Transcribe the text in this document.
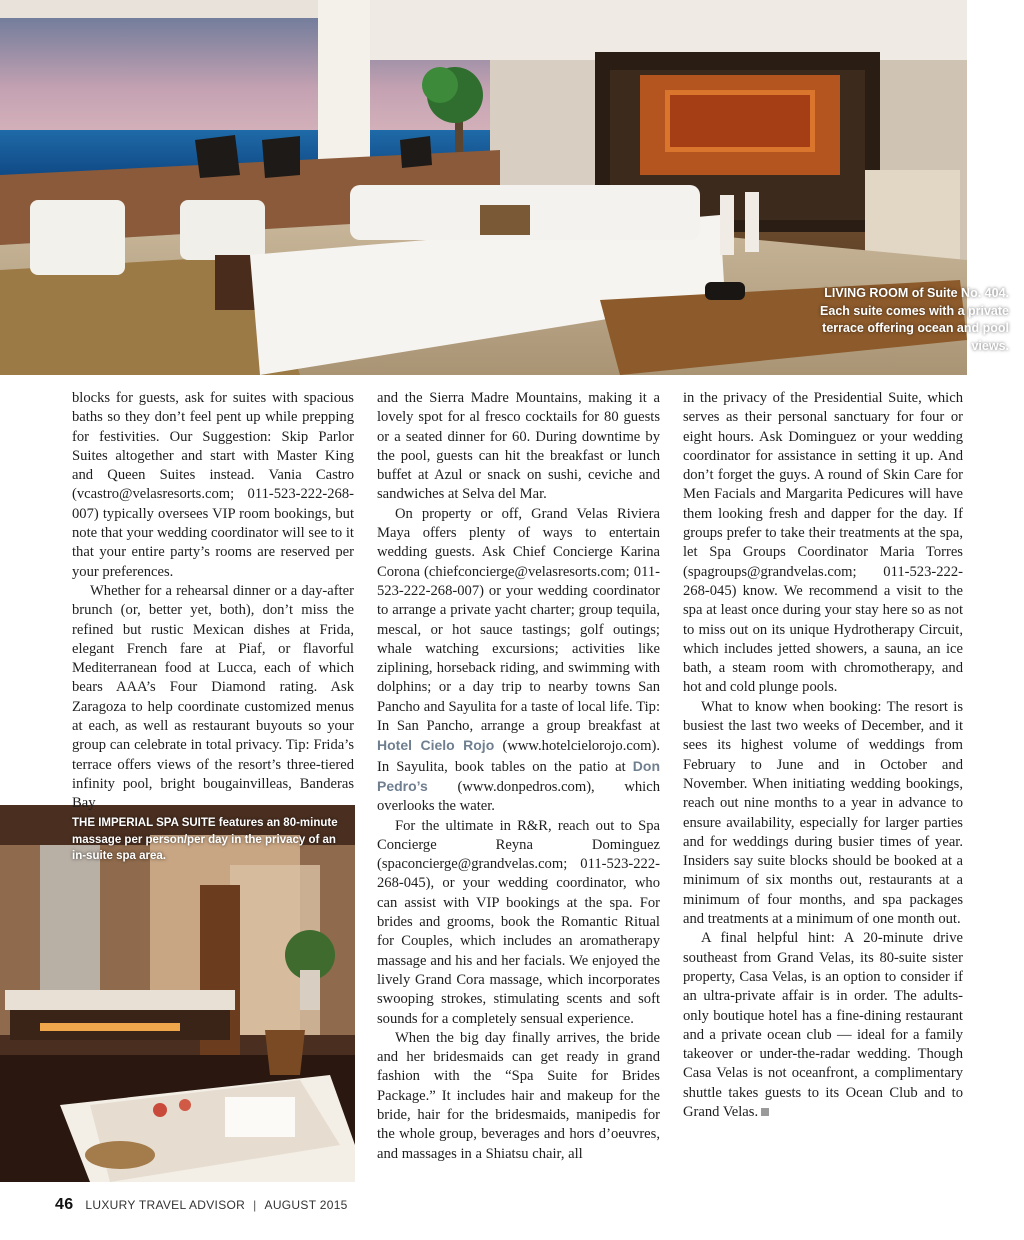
LIVING ROOM of Suite No. 404. Each suite comes with a private terrace offering ocean and pool views.
THE IMPERIAL SPA SUITE features an 80-minute massage per person/per day in the privacy of an in-suite spa area.

blocks for guests, ask for suites with spacious baths so they don’t feel pent up while prepping for festivities. Our Suggestion: Skip Parlor Suites altogether and start with Master King and Queen Suites instead. Vania Castro (vcastro@velasresorts.com; 011-523-222-268-007) typically oversees VIP room bookings, but note that your wedding coordinator will see to it that your entire party’s rooms are reserved per your preferences.

Whether for a rehearsal dinner or a day-after brunch (or, better yet, both), don’t miss the refined but rustic Mexican dishes at Frida, elegant French fare at Piaf, or flavorful Mediterranean food at Lucca, each of which bears AAA’s Four Diamond rating. Ask Zaragoza to help coordinate customized menus at each, as well as restaurant buyouts so your group can celebrate in total privacy. Tip: Frida’s terrace offers views of the resort’s three-tiered infinity pool, bright bougainvilleas, Banderas Bay

and the Sierra Madre Mountains, making it a lovely spot for al fresco cocktails for 80 guests or a seated dinner for 60. During downtime by the pool, guests can hit the breakfast or lunch buffet at Azul or snack on sushi, ceviche and sandwiches at Selva del Mar.

On property or off, Grand Velas Riviera Maya offers plenty of ways to entertain wedding guests. Ask Chief Concierge Karina Corona (chiefconcierge@velasresorts.com; 011-523-222-268-007) or your wedding coordinator to arrange a private yacht charter; group tequila, mescal, or hot sauce tastings; golf outings; whale watching excursions; activities like ziplining, horseback riding, and swimming with dolphins; or a day trip to nearby towns San Pancho and Sayulita for a taste of local life. Tip: In San Pancho, arrange a group breakfast at Hotel Cielo Rojo (www.hotelcielorojo.com). In Sayulita, book tables on the patio at Don Pedro’s (www.donpedros.com), which overlooks the water.

For the ultimate in R&R, reach out to Spa Concierge Reyna Dominguez (spaconcierge@grandvelas.com; 011-523-222-268-045), or your wedding coordinator, who can assist with VIP bookings at the spa. For brides and grooms, book the Romantic Ritual for Couples, which includes an aromatherapy massage and his and her facials. We enjoyed the lively Grand Cora massage, which incorporates swooping strokes, stimulating scents and soft sounds for a completely sensual experience.

When the big day finally arrives, the bride and her bridesmaids can get ready in grand fashion with the “Spa Suite for Brides Package.” It includes hair and makeup for the bride, hair for the bridesmaids, manipedis for the whole group, beverages and hors d’oeuvres, and massages in a Shiatsu chair, all

in the privacy of the Presidential Suite, which serves as their personal sanctuary for four or eight hours. Ask Dominguez or your wedding coordinator for assistance in setting it up. And don’t forget the guys. A round of Skin Care for Men Facials and Margarita Pedicures will have them looking fresh and dapper for the day. If groups prefer to take their treatments at the spa, let Spa Groups Coordinator Maria Torres (spagroups@grandvelas.com; 011-523-222-268-045) know. We recommend a visit to the spa at least once during your stay here so as not to miss out on its unique Hydrotherapy Circuit, which includes jetted showers, a sauna, an ice bath, a steam room with chromotherapy, and hot and cold plunge pools.

What to know when booking: The resort is busiest the last two weeks of December, and it sees its highest volume of weddings from February to June and in October and November. When initiating wedding bookings, reach out nine months to a year in advance to ensure availability, especially for larger parties and for weddings during busier times of year. Insiders say suite blocks should be booked at a minimum of six months out, restaurants at a minimum of four months, and spa packages and treatments at a minimum of one month out.

A final helpful hint: A 20-minute drive southeast from Grand Velas, its 80-suite sister property, Casa Velas, is an option to consider if an ultra-private affair is in order. The adults-only boutique hotel has a fine-dining restaurant and a private ocean club — ideal for a family takeover or under-the-radar wedding. Though Casa Velas is not oceanfront, a complimentary shuttle takes guests to its Ocean Club and to Grand Velas.

46 LUXURY TRAVEL ADVISOR | AUGUST 2015
